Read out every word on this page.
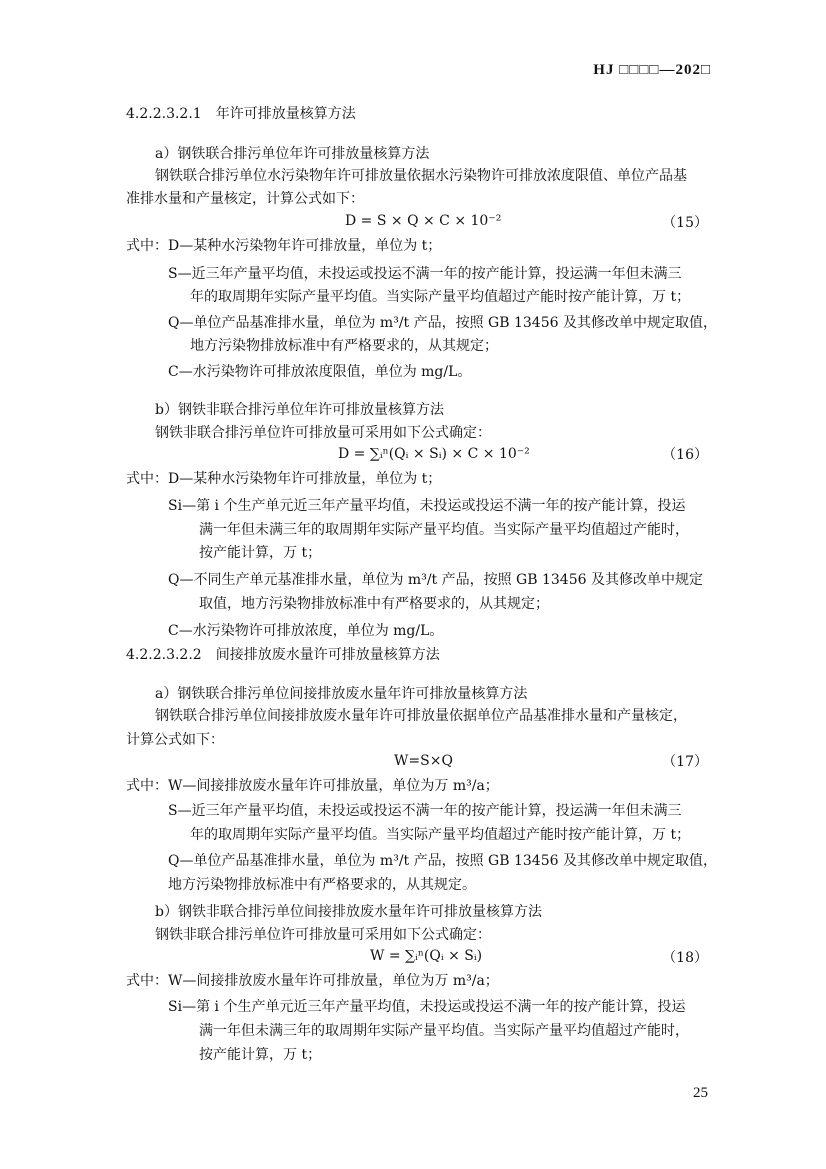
HJ □□□□—202□
4.2.2.3.2.1　年许可排放量核算方法
a）钢铁联合排污单位年许可排放量核算方法
钢铁联合排污单位水污染物年许可排放量依据水污染物许可排放浓度限值、单位产品基
准排水量和产量核定，计算公式如下：
D = S × Q × C × 10⁻²	（15）
式中：D—某种水污染物年许可排放量，单位为 t；
S—近三年产量平均值，未投运或投运不满一年的按产能计算，投运满一年但未满三
年的取周期年实际产量平均值。当实际产量平均值超过产能时按产能计算，万 t；
Q—单位产品基准排水量，单位为 m³/t 产品，按照 GB 13456 及其修改单中规定取值，
地方污染物排放标准中有严格要求的，从其规定；
C—水污染物许可排放浓度限值，单位为 mg/L。
b）钢铁非联合排污单位年许可排放量核算方法
钢铁非联合排污单位许可排放量可采用如下公式确定：
D = ∑ᵢⁿ(Qᵢ × Sᵢ) × C × 10⁻²	（16）
式中：D—某种水污染物年许可排放量，单位为 t；
Si—第 i 个生产单元近三年产量平均值，未投运或投运不满一年的按产能计算，投运
满一年但未满三年的取周期年实际产量平均值。当实际产量平均值超过产能时，
按产能计算，万 t；
Q—不同生产单元基准排水量，单位为 m³/t 产品，按照 GB 13456 及其修改单中规定
取值，地方污染物排放标准中有严格要求的，从其规定；
C—水污染物许可排放浓度，单位为 mg/L。
4.2.2.3.2.2　间接排放废水量许可排放量核算方法
a）钢铁联合排污单位间接排放废水量年许可排放量核算方法
钢铁联合排污单位间接排放废水量年许可排放量依据单位产品基准排水量和产量核定，
计算公式如下：
W=S×Q	（17）
式中：W—间接排放废水量年许可排放量，单位为万 m³/a；
S—近三年产量平均值，未投运或投运不满一年的按产能计算，投运满一年但未满三
年的取周期年实际产量平均值。当实际产量平均值超过产能时按产能计算，万 t；
Q—单位产品基准排水量，单位为 m³/t 产品，按照 GB 13456 及其修改单中规定取值，
地方污染物排放标准中有严格要求的，从其规定。
b）钢铁非联合排污单位间接排放废水量年许可排放量核算方法
钢铁非联合排污单位许可排放量可采用如下公式确定：
W = ∑ᵢⁿ(Qᵢ × Sᵢ)	（18）
式中：W—间接排放废水量年许可排放量，单位为万 m³/a；
Si—第 i 个生产单元近三年产量平均值，未投运或投运不满一年的按产能计算，投运
满一年但未满三年的取周期年实际产量平均值。当实际产量平均值超过产能时，
按产能计算，万 t；
25
